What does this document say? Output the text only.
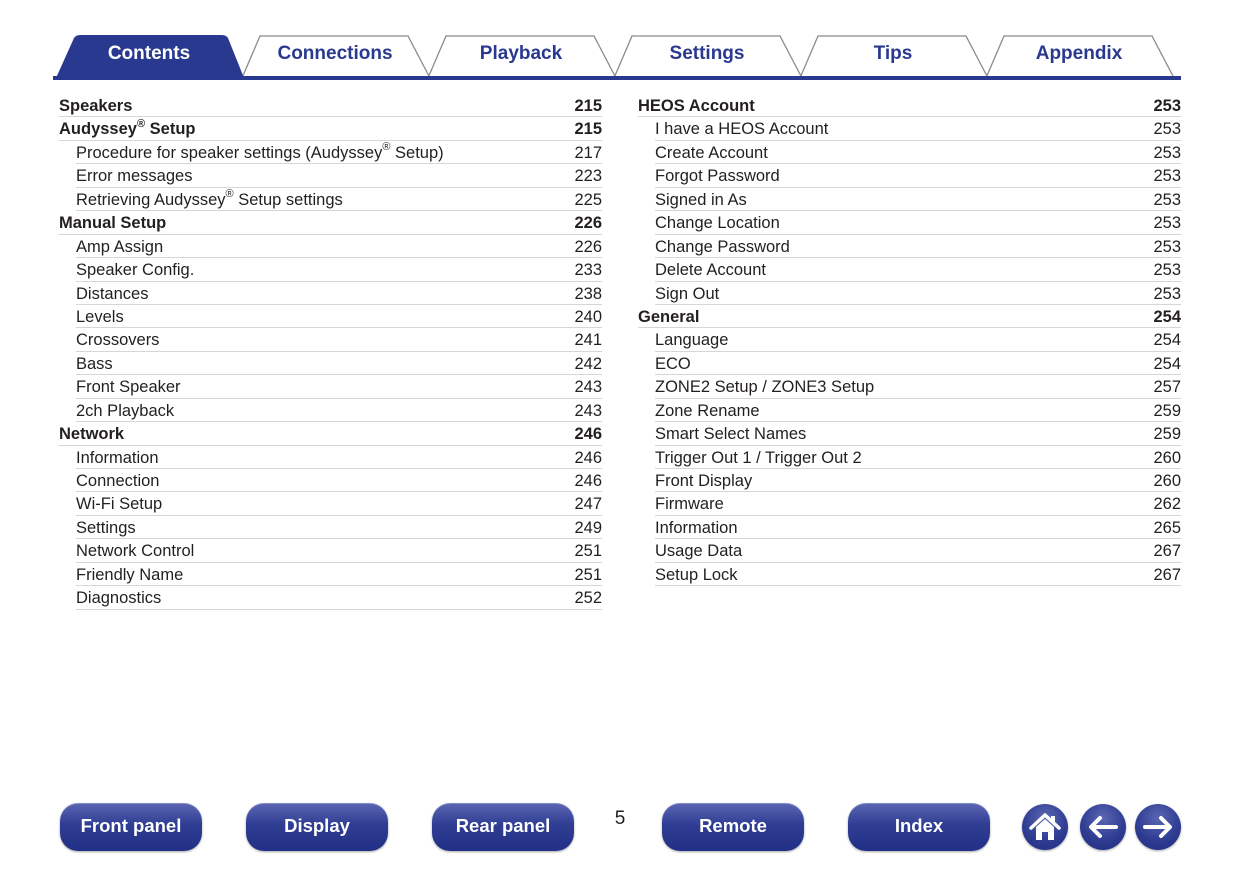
Contents	Connections	Playback	Settings	Tips	Appendix
Speakers	215
Audyssey® Setup	215
Procedure for speaker settings (Audyssey® Setup)	217
Error messages	223
Retrieving Audyssey® Setup settings	225
Manual Setup	226
Amp Assign	226
Speaker Config.	233
Distances	238
Levels	240
Crossovers	241
Bass	242
Front Speaker	243
2ch Playback	243
Network	246
Information	246
Connection	246
Wi-Fi Setup	247
Settings	249
Network Control	251
Friendly Name	251
Diagnostics	252
HEOS Account	253
I have a HEOS Account	253
Create Account	253
Forgot Password	253
Signed in As	253
Change Location	253
Change Password	253
Delete Account	253
Sign Out	253
General	254
Language	254
ECO	254
ZONE2 Setup / ZONE3 Setup	257
Zone Rename	259
Smart Select Names	259
Trigger Out 1 / Trigger Out 2	260
Front Display	260
Firmware	262
Information	265
Usage Data	267
Setup Lock	267
Front panel	Display	Rear panel	5	Remote	Index
